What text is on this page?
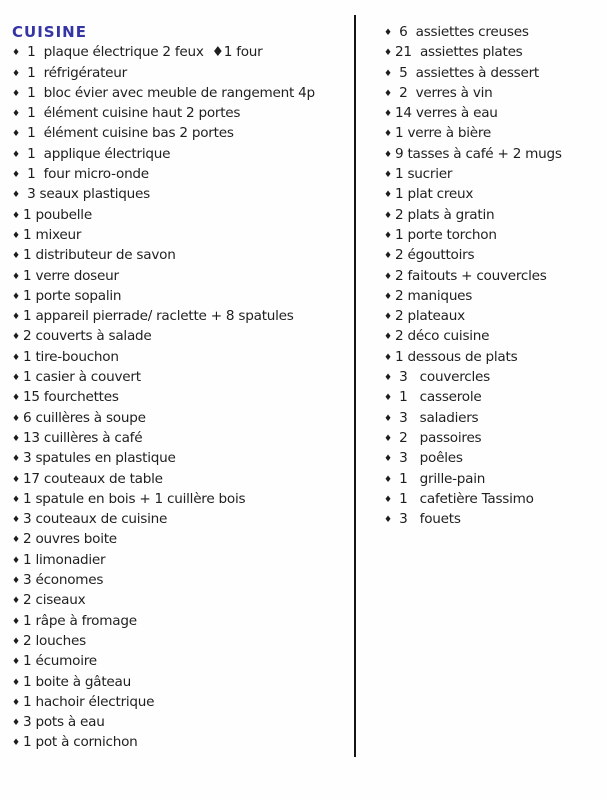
CUISINE
♦ 1  plaque électrique 2 feux  ♦1 four
♦ 1  réfrigérateur
♦ 1  bloc évier avec meuble de rangement 4p
♦ 1  élément cuisine haut 2 portes
♦ 1  élément cuisine bas 2 portes
♦ 1  applique électrique
♦ 1  four micro-onde
♦ 3 seaux plastiques
♦ 1 poubelle
♦ 1 mixeur
♦ 1 distributeur de savon
♦ 1 verre doseur
♦ 1 porte sopalin
♦ 1 appareil pierrade/ raclette + 8 spatules
♦ 2 couverts à salade
♦ 1 tire-bouchon
♦ 1 casier à couvert
♦ 15 fourchettes
♦ 6 cuillères à soupe
♦ 13 cuillères à café
♦ 3 spatules en plastique
♦ 17 couteaux de table
♦ 1 spatule en bois + 1 cuillère bois
♦ 3 couteaux de cuisine
♦ 2 ouvres boite
♦ 1 limonadier
♦ 3 économes
♦ 2 ciseaux
♦ 1 râpe à fromage
♦ 2 louches
♦ 1 écumoire
♦ 1 boite à gâteau
♦ 1 hachoir électrique
♦ 3 pots à eau
♦ 1 pot à cornichon
♦ 6  assiettes creuses
♦ 21  assiettes plates
♦ 5  assiettes à dessert
♦ 2  verres à vin
♦ 14 verres à eau
♦ 1 verre à bière
♦ 9 tasses à café + 2 mugs
♦ 1 sucrier
♦ 1 plat creux
♦ 2 plats à gratin
♦ 1 porte torchon
♦ 2 égouttoirs
♦ 2 faitouts + couvercles
♦ 2 maniques
♦ 2 plateaux
♦ 2 déco cuisine
♦ 1 dessous de plats
♦ 3   couvercles
♦ 1   casserole
♦ 3   saladiers
♦ 2   passoires
♦ 3   poêles
♦ 1   grille-pain
♦ 1   cafetière Tassimo
♦ 3   fouets
